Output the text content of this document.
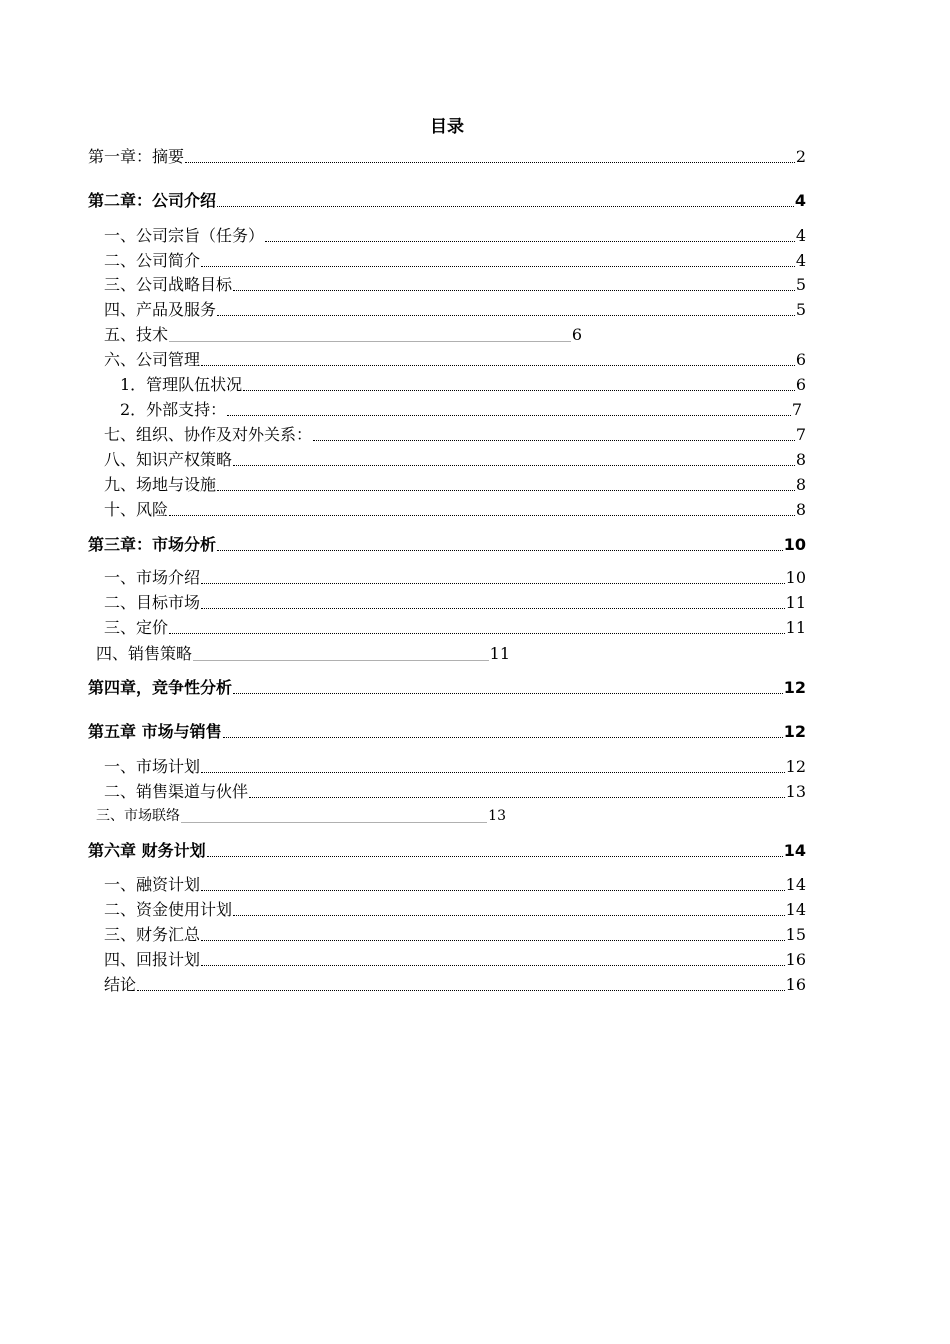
目录
第一章：摘要	2
第二章：公司介绍	4
一、公司宗旨（任务）	4
二、公司简介	4
三、公司战略目标	5
四、产品及服务	5
五、技术	6
六、公司管理	6
1．管理队伍状况	6
2．外部支持：	7
七、组织、协作及对外关系：	7
八、知识产权策略	8
九、场地与设施	8
十、风险	8
第三章：市场分析	10
一、市场介绍	10
二、目标市场	11
三、定价	11
四、销售策略	11
第四章，竞争性分析	12
第五章 市场与销售	12
一、市场计划	12
二、销售渠道与伙伴	13
三、市场联络	13
第六章 财务计划	14
一、融资计划	14
二、资金使用计划	14
三、财务汇总	15
四、回报计划	16
结论	16
